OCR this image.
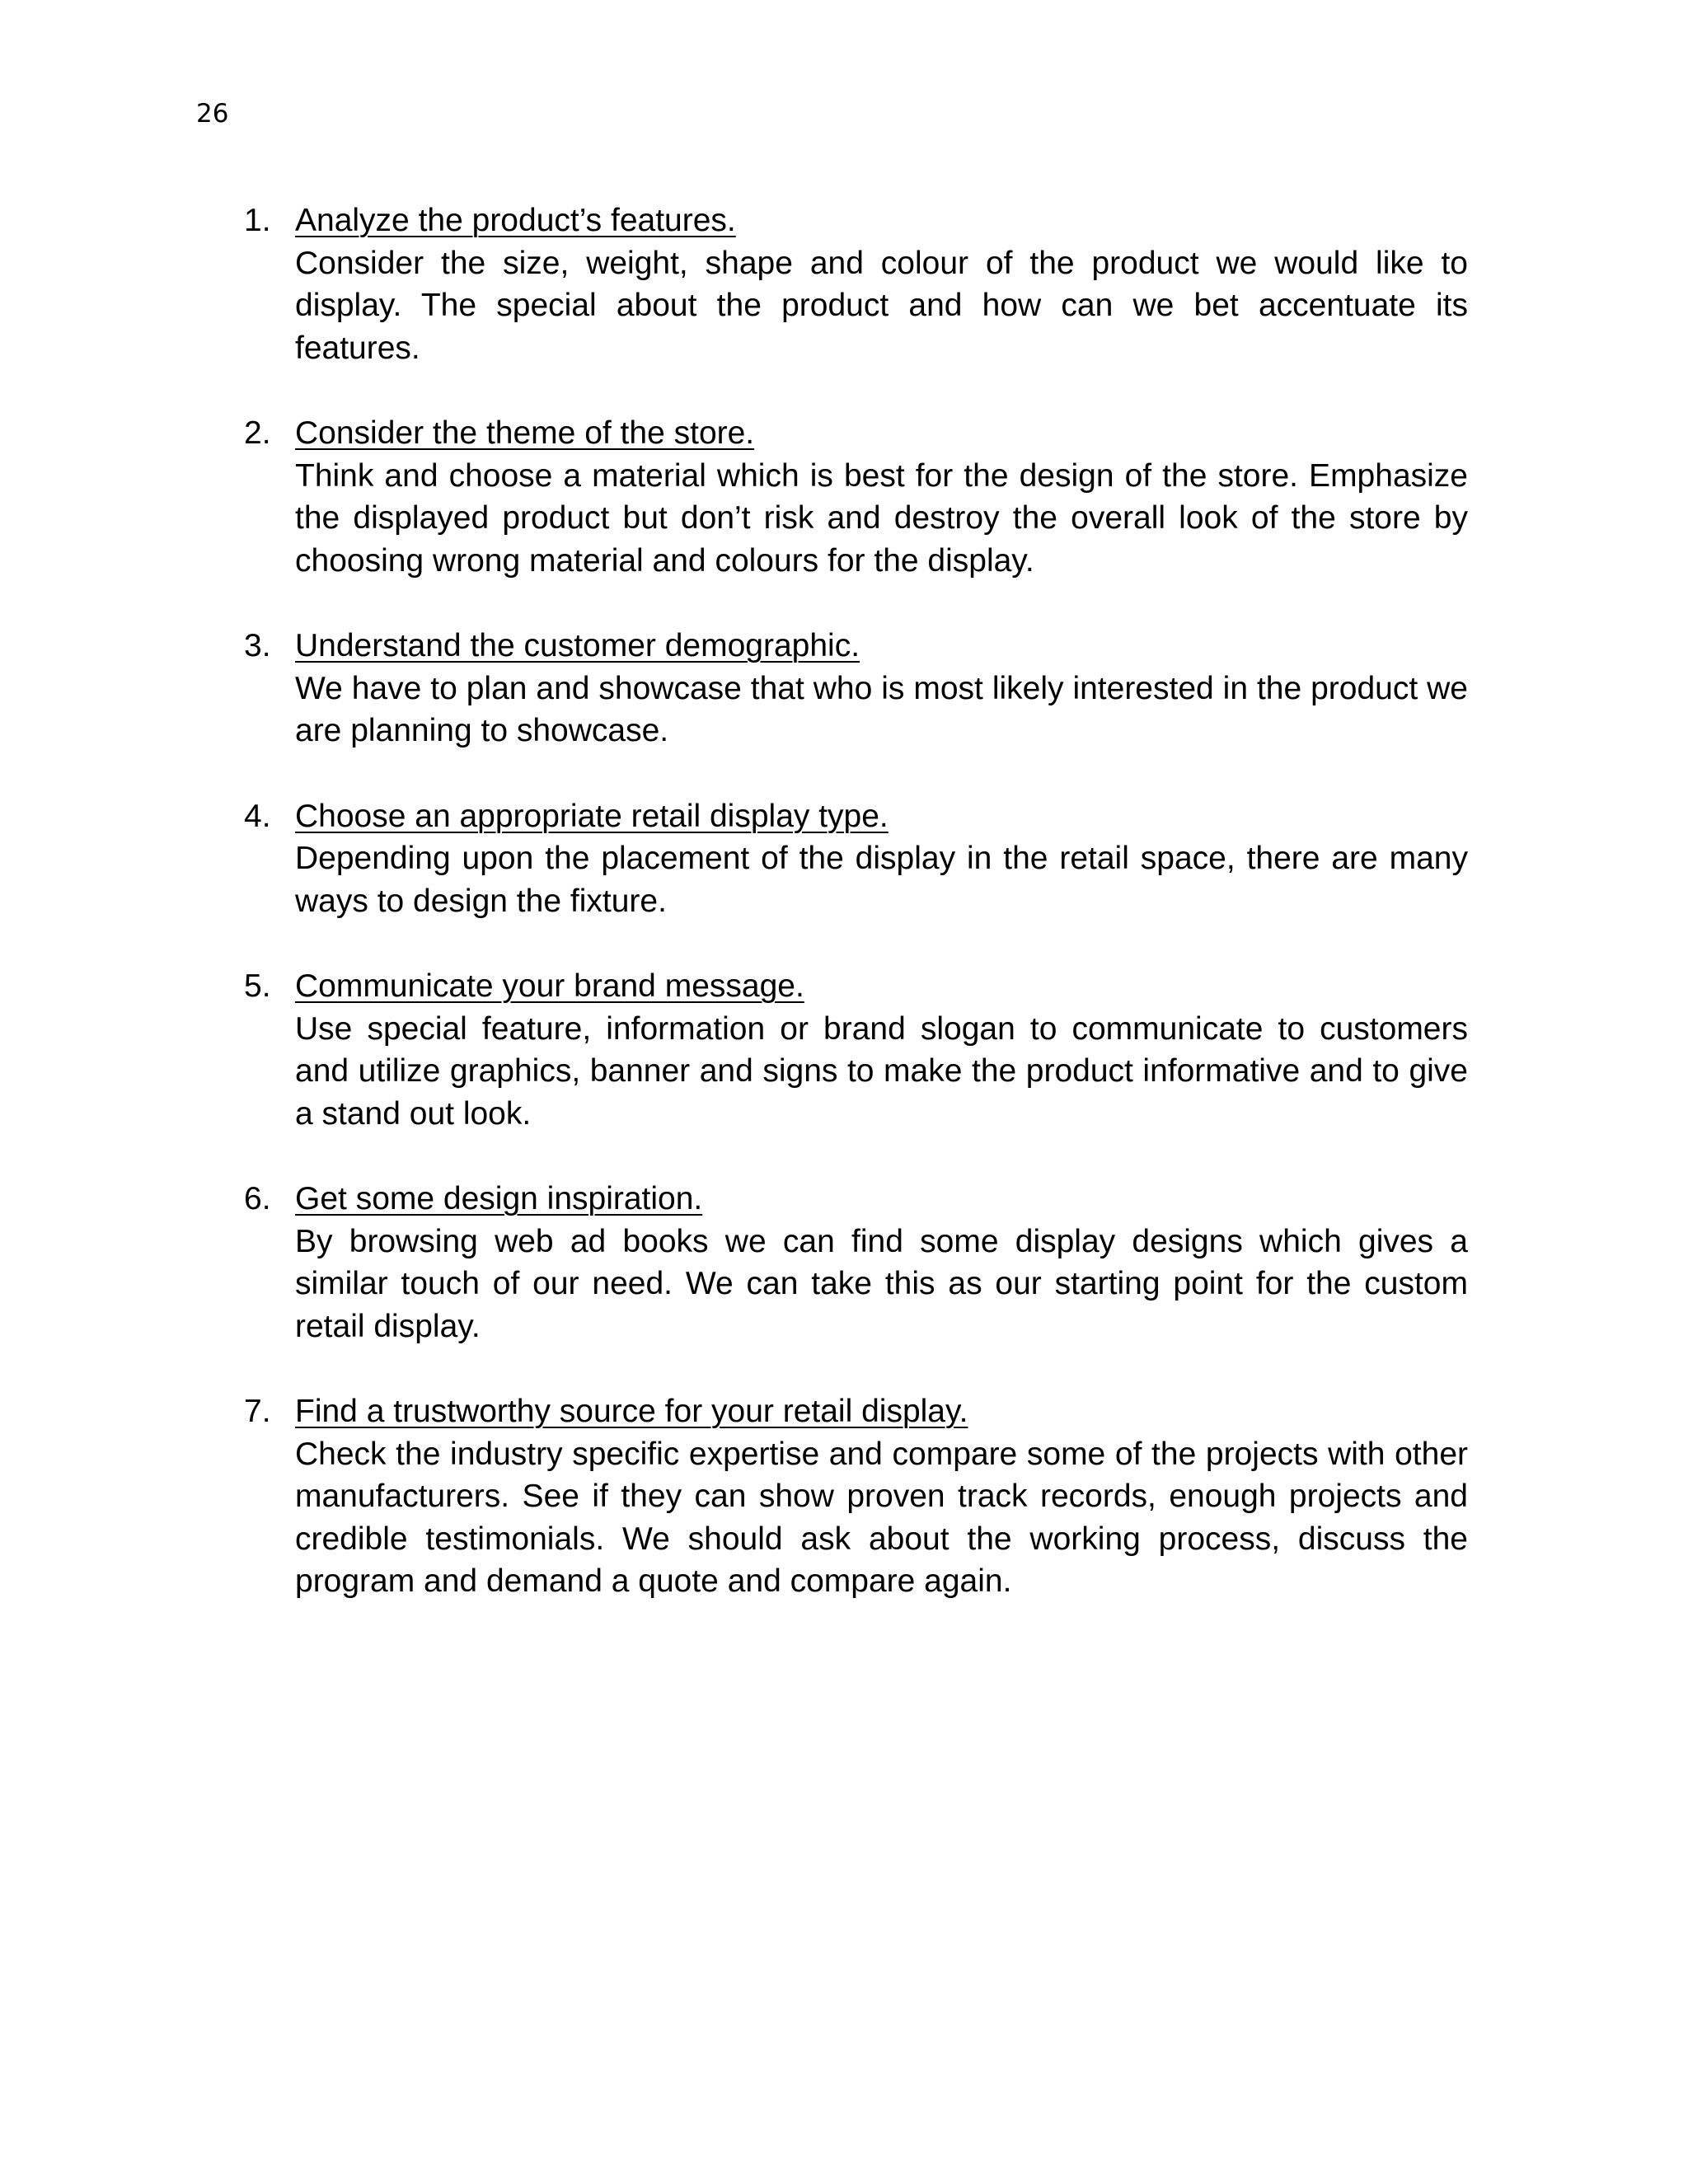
26
1. Analyze the product’s features.
Consider the size, weight, shape and colour of the product we would like to display. The special about the product and how can we bet accentuate its features.
2. Consider the theme of the store.
Think and choose a material which is best for the design of the store. Emphasize the displayed product but don’t risk and destroy the overall look of the store by choosing wrong material and colours for the display.
3. Understand the customer demographic.
We have to plan and showcase that who is most likely interested in the product we are planning to showcase.
4. Choose an appropriate retail display type.
Depending upon the placement of the display in the retail space, there are many ways to design the fixture.
5. Communicate your brand message.
Use special feature, information or brand slogan to communicate to customers and utilize graphics, banner and signs to make the product informative and to give a stand out look.
6. Get some design inspiration.
By browsing web ad books we can find some display designs which gives a similar touch of our need. We can take this as our starting point for the custom retail display.
7. Find a trustworthy source for your retail display.
Check the industry specific expertise and compare some of the projects with other manufacturers. See if they can show proven track records, enough projects and credible testimonials. We should ask about the working process, discuss the program and demand a quote and compare again.
